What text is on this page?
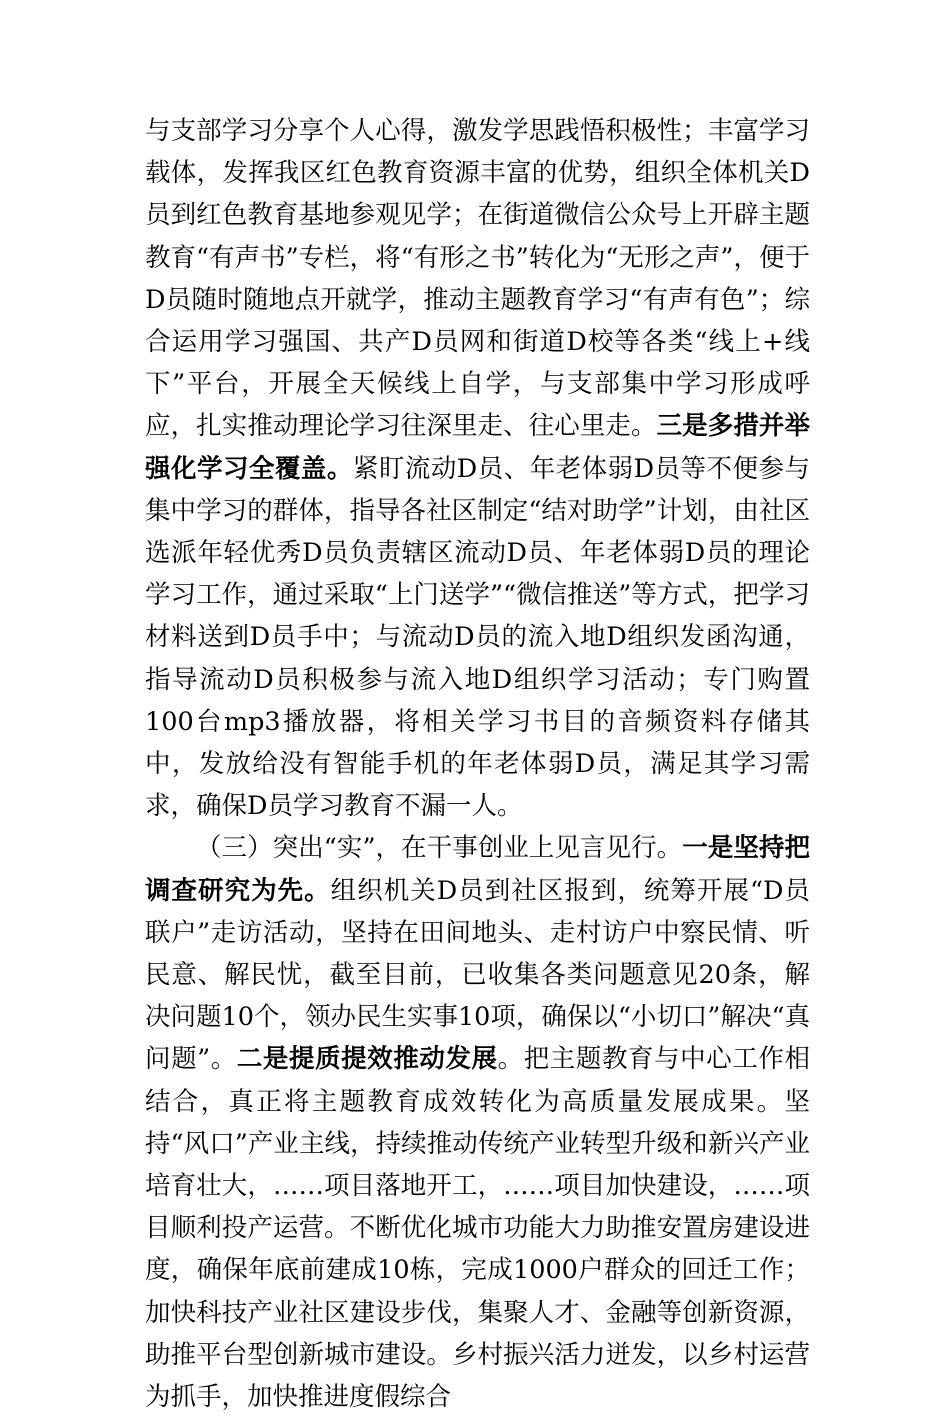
与支部学习分享个人心得，激发学思践悟积极性；丰富学习载体，发挥我区红色教育资源丰富的优势，组织全体机关D员到红色教育基地参观见学；在街道微信公众号上开辟主题教育“有声书”专栏，将“有形之书”转化为“无形之声”，便于D员随时随地点开就学，推动主题教育学习“有声有色”；综合运用学习强国、共产D员网和街道D校等各类“线上+线下”平台，开展全天候线上自学，与支部集中学习形成呼应，扎实推动理论学习往深里走、往心里走。三是多措并举强化学习全覆盖。紧盯流动D员、年老体弱D员等不便参与集中学习的群体，指导各社区制定“结对助学”计划，由社区选派年轻优秀D员负责辖区流动D员、年老体弱D员的理论学习工作，通过采取“上门送学”“微信推送”等方式，把学习材料送到D员手中；与流动D员的流入地D组织发函沟通，指导流动D员积极参与流入地D组织学习活动；专门购置100台mp3播放器，将相关学习书目的音频资料存储其中，发放给没有智能手机的年老体弱D员，满足其学习需求，确保D员学习教育不漏一人。

（三）突出“实”，在干事创业上见言见行。一是坚持把调查研究为先。组织机关D员到社区报到，统筹开展“D员联户”走访活动，坚持在田间地头、走村访户中察民情、听民意、解民忧，截至目前，已收集各类问题意见20条，解决问题10个，领办民生实事10项，确保以“小切口”解决“真问题”。二是提质提效推动发展。把主题教育与中心工作相结合，真正将主题教育成效转化为高质量发展成果。坚持“风口”产业主线，持续推动传统产业转型升级和新兴产业培育壮大，……项目落地开工，……项目加快建设，……项目顺利投产运营。不断优化城市功能大力助推安置房建设进度，确保年底前建成10栋，完成1000户群众的回迁工作；加快科技产业社区建设步伐，集聚人才、金融等创新资源，助推平台型创新城市建设。乡村振兴活力迸发，以乡村运营为抓手，加快推进度假综合
